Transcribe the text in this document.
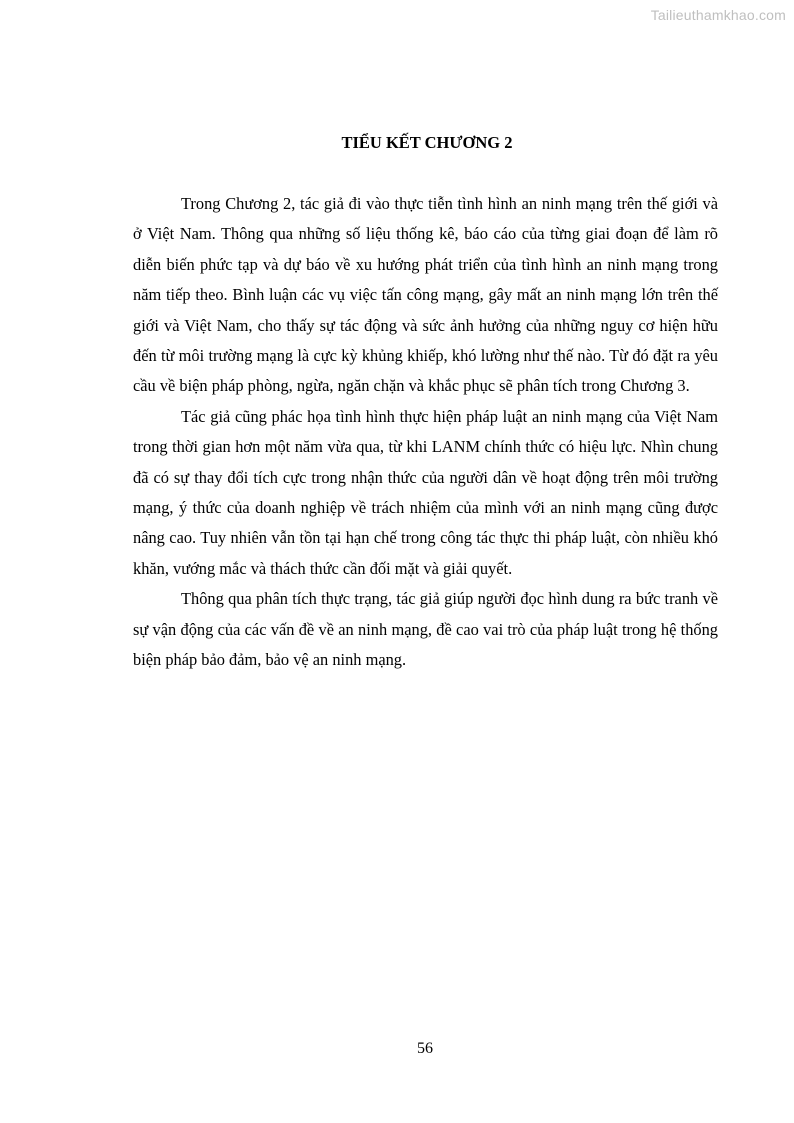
Tailieuthamkhao.com
TIỂU KẾT CHƯƠNG 2

Trong Chương 2, tác giả đi vào thực tiễn tình hình an ninh mạng trên thế giới và ở Việt Nam. Thông qua những số liệu thống kê, báo cáo của từng giai đoạn để làm rõ diễn biến phức tạp và dự báo về xu hướng phát triển của tình hình an ninh mạng trong năm tiếp theo. Bình luận các vụ việc tấn công mạng, gây mất an ninh mạng lớn trên thế giới và Việt Nam, cho thấy sự tác động và sức ảnh hưởng của những nguy cơ hiện hữu đến từ môi trường mạng là cực kỳ khủng khiếp, khó lường như thế nào. Từ đó đặt ra yêu cầu về biện pháp phòng, ngừa, ngăn chặn và khắc phục sẽ phân tích trong Chương 3.

Tác giả cũng phác họa tình hình thực hiện pháp luật an ninh mạng của Việt Nam trong thời gian hơn một năm vừa qua, từ khi LANM chính thức có hiệu lực. Nhìn chung đã có sự thay đổi tích cực trong nhận thức của người dân về hoạt động trên môi trường mạng, ý thức của doanh nghiệp về trách nhiệm của mình với an ninh mạng cũng được nâng cao. Tuy nhiên vẫn tồn tại hạn chế trong công tác thực thi pháp luật, còn nhiều khó khăn, vướng mắc và thách thức cần đối mặt và giải quyết.

Thông qua phân tích thực trạng, tác giả giúp người đọc hình dung ra bức tranh về sự vận động của các vấn đề về an ninh mạng, đề cao vai trò của pháp luật trong hệ thống biện pháp bảo đảm, bảo vệ an ninh mạng.

56
